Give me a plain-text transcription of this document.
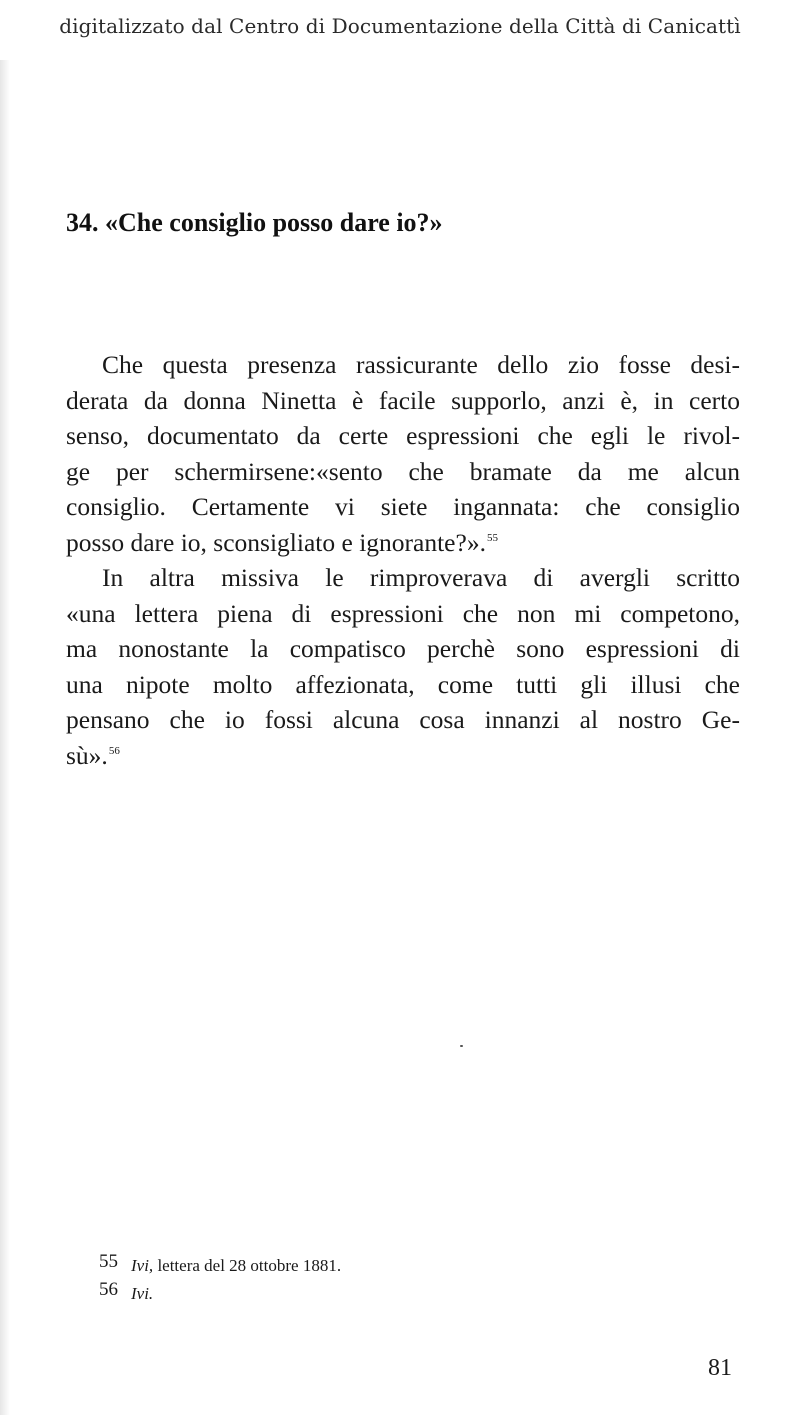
digitalizzato dal Centro di Documentazione della Città di Canicattì
34. «Che consiglio posso dare io?»
Che questa presenza rassicurante dello zio fosse desi-
derata da donna Ninetta è facile supporlo, anzi è, in certo
senso, documentato da certe espressioni che egli le rivol-
ge per schermirsene:«sento che bramate da me alcun
consiglio. Certamente vi siete ingannata: che consiglio
posso dare io, sconsigliato e ignorante?».$^{55}$
In altra missiva le rimproverava di avergli scritto
«una lettera piena di espressioni che non mi competono,
ma nonostante la compatisco perchè sono espressioni di
una nipote molto affezionata, come tutti gli illusi che
pensano che io fossi alcuna cosa innanzi al nostro Ge-
sù».$^{56}$
55 Ivi, lettera del 28 ottobre 1881.
56 Ivi.
81
